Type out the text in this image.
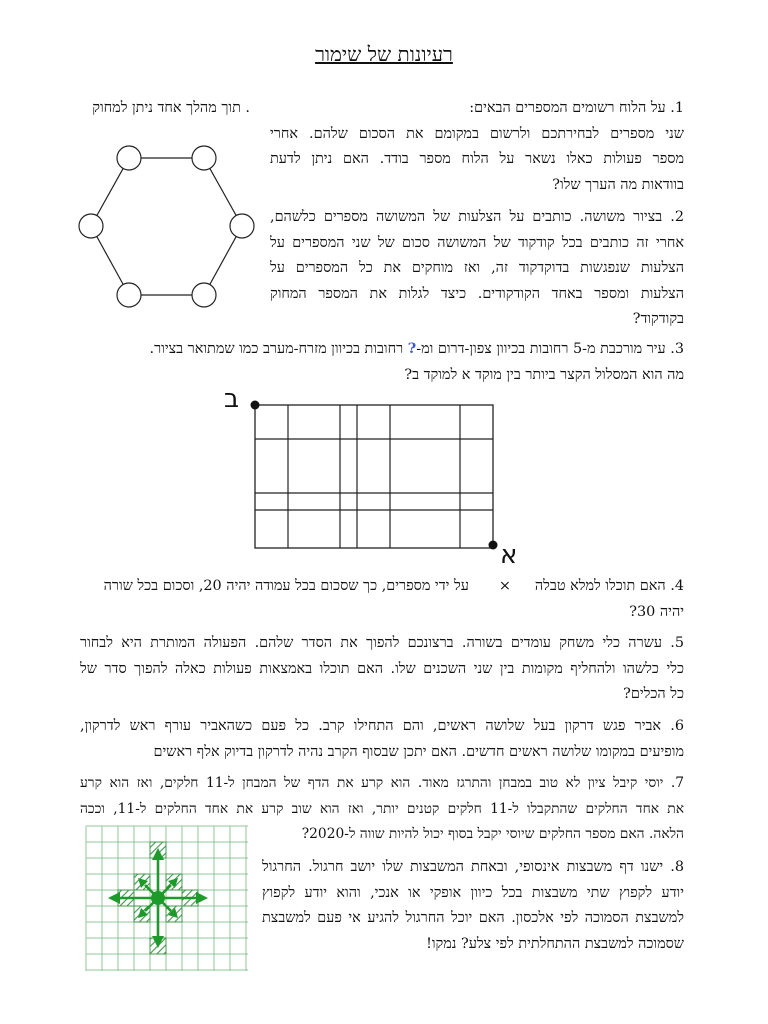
רעיונות של שימור
1. על הלוח רשומים המספרים הבאים:
שני מספרים לבחירתכם ולרשום במקומם את הסכום שלהם. אחרי
מספר פעולות כאלו נשאר על הלוח מספר בודד. האם ניתן לדעת
בוודאות מה הערך שלו?
. תוך מהלך אחד ניתן למחוק
2. בציור משושה. כותבים על הצלעות של המשושה מספרים כלשהם,
אחרי זה כותבים בכל קודקוד של המשושה סכום של שני המספרים על
הצלעות שנפגשות בדוקדקוד זה, ואז מוחקים את כל המספרים על
הצלעות ומספר באחד הקודקודים. כיצד לגלות את המספר המחוק
בקודקוד?
3. עיר מורכבת מ-5 רחובות בכיוון צפון-דרום ומ-? רחובות בכיוון מזרח-מערב כמו שמתואר בציור.
מה הוא המסלול הקצר ביותר בין מוקד א למוקד ב?
ב
א
4. האם תוכלו למלא טבלה×על ידי מספרים, כך שסכום בכל עמודה יהיה 20, וסכום בכל שורה
יהיה 30?
5. עשרה כלי משחק עומדים בשורה. ברצונכם להפוך את הסדר שלהם. הפעולה המותרת היא לבחור
כלי כלשהו ולהחליף מקומות בין שני השכנים שלו. האם תוכלו באמצאות פעולות כאלה להפוך סדר של
כל הכלים?
6. אביר פגש דרקון בעל שלושה ראשים, והם התחילו קרב. כל פעם כשהאביר עורף ראש לדרקון,
מופיעים במקומו שלושה ראשים חדשים. האם יתכן שבסוף הקרב נהיה לדרקון בדיוק אלף ראשים
7. יוסי קיבל ציון לא טוב במבחן והתרגז מאוד. הוא קרע את הדף של המבחן ל-11 חלקים, ואז הוא קרע
את אחד החלקים שהתקבלו ל-11 חלקים קטנים יותר, ואז הוא שוב קרע את אחד החלקים ל-11, וככה
הלאה. האם מספר החלקים שיוסי יקבל בסוף יכול להיות שווה ל-2020?
8. ישנו דף משבצות אינסופי, ובאחת המשבצות שלו יושב חרגול. החרגול
יודע לקפוץ שתי משבצות בכל כיוון אופקי או אנכי, והוא יודע לקפוץ
למשבצת הסמוכה לפי אלכסון. האם יוכל החרגול להגיע אי פעם למשבצת
שסמוכה למשבצת ההתחלתית לפי צלע? נמקו!
